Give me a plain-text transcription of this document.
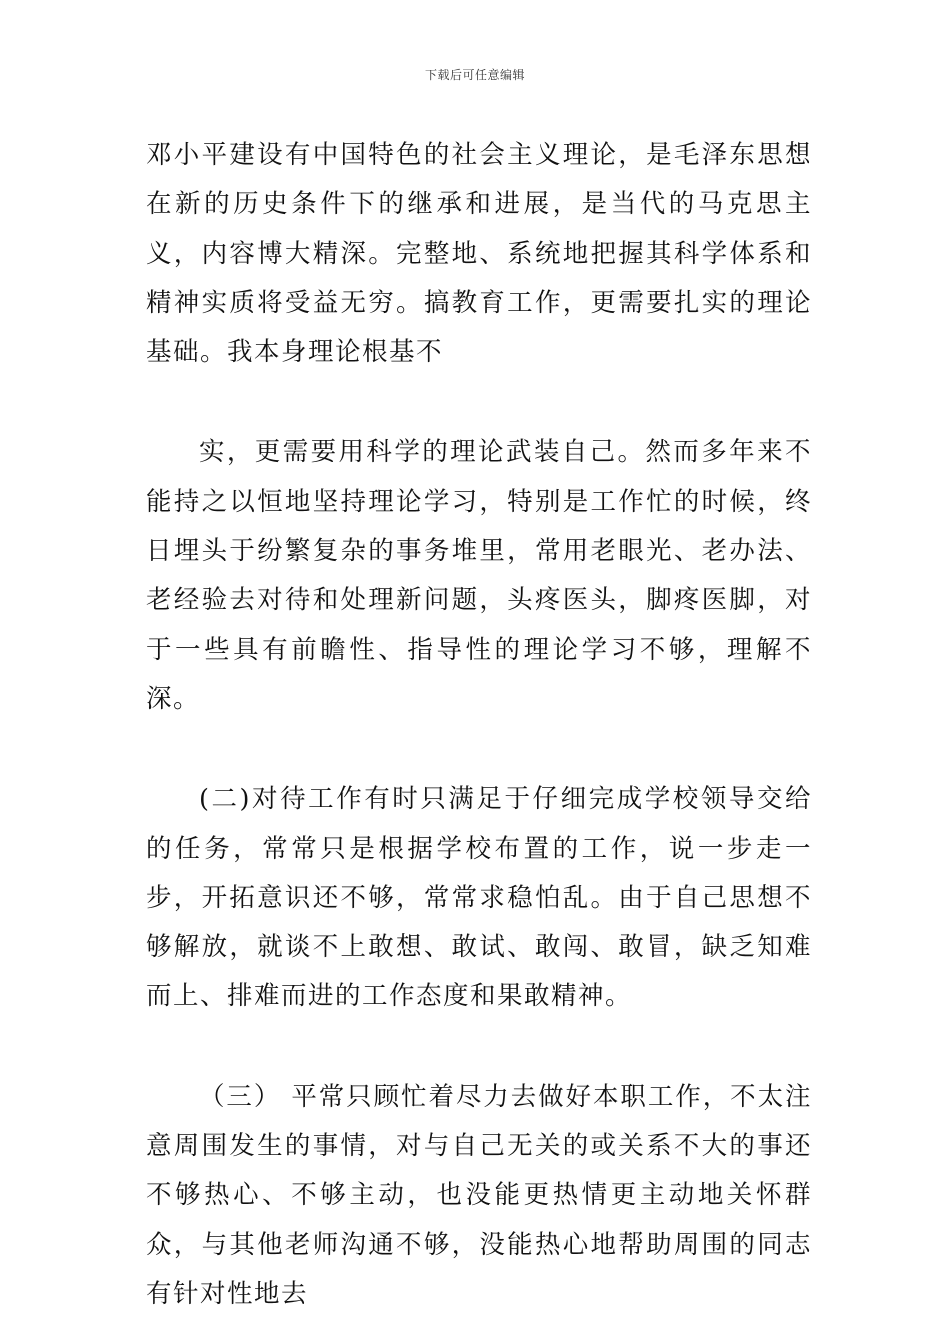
下载后可任意编辑

邓小平建设有中国特色的社会主义理论，是毛泽东思想在新的历史条件下的继承和进展，是当代的马克思主义，内容博大精深。完整地、系统地把握其科学体系和精神实质将受益无穷。搞教育工作，更需要扎实的理论基础。我本身理论根基不

实，更需要用科学的理论武装自己。然而多年来不能持之以恒地坚持理论学习，特别是工作忙的时候，终日埋头于纷繁复杂的事务堆里，常用老眼光、老办法、老经验去对待和处理新问题，头疼医头，脚疼医脚，对于一些具有前瞻性、指导性的理论学习不够，理解不深。

(二)对待工作有时只满足于仔细完成学校领导交给的任务，常常只是根据学校布置的工作，说一步走一步，开拓意识还不够，常常求稳怕乱。由于自己思想不够解放，就谈不上敢想、敢试、敢闯、敢冒，缺乏知难而上、排难而进的工作态度和果敢精神。

（三） 平常只顾忙着尽力去做好本职工作，不太注意周围发生的事情，对与自己无关的或关系不大的事还不够热心、不够主动，也没能更热情更主动地关怀群众，与其他老师沟通不够，没能热心地帮助周围的同志有针对性地去
